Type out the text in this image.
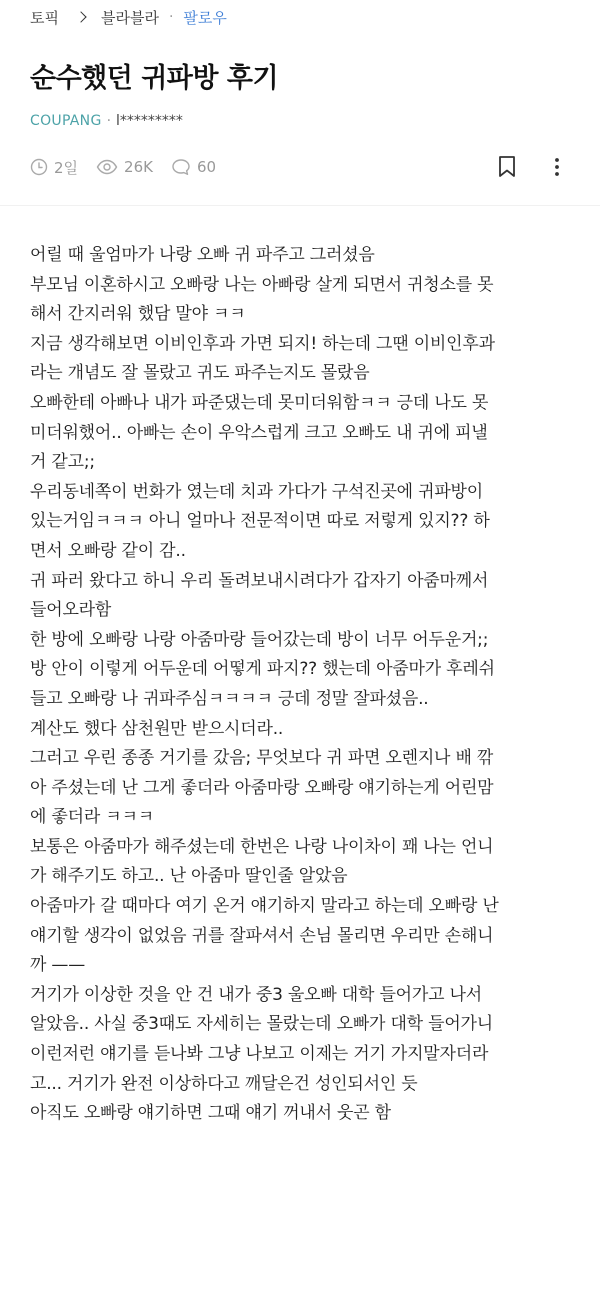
토픽	블라블라 · 팔로우
순수했던 귀파방 후기
COUPANG · l*********
2일	26K	60
어릴 때 울엄마가 나랑 오빠 귀 파주고 그러셨음
부모님 이혼하시고 오빠랑 나는 아빠랑 살게 되면서 귀청소를 못
해서 간지러워 했담 말야 ㅋㅋ
지금 생각해보면 이비인후과 가면 되지! 하는데 그땐 이비인후과
라는 개념도 잘 몰랐고 귀도 파주는지도 몰랐음
오빠한테 아빠나 내가 파준댔는데 못미더워함ㅋㅋ 긍데 나도 못
미더워했어.. 아빠는 손이 우악스럽게 크고 오빠도 내 귀에 피낼
거 같고;;
우리동네쪽이 번화가 였는데 치과 가다가 구석진곳에 귀파방이
있는거임ㅋㅋㅋ 아니 얼마나 전문적이면 따로 저렇게 있지?? 하
면서 오빠랑 같이 감..
귀 파러 왔다고 하니 우리 돌려보내시려다가 갑자기 아줌마께서
들어오라함
한 방에 오빠랑 나랑 아줌마랑 들어갔는데 방이 너무 어두운거;;
방 안이 이렇게 어두운데 어떻게 파지?? 했는데 아줌마가 후레쉬
들고 오빠랑 나 귀파주심ㅋㅋㅋㅋ 긍데 정말 잘파셨음..
계산도 했다 삼천원만 받으시더라..
그러고 우린 종종 거기를 갔음; 무엇보다 귀 파면 오렌지나 배 깎
아 주셨는데 난 그게 좋더라 아줌마랑 오빠랑 얘기하는게 어린맘
에 좋더라 ㅋㅋㅋ
보통은 아줌마가 해주셨는데 한번은 나랑 나이차이 꽤 나는 언니
가 해주기도 하고.. 난 아줌마 딸인줄 알았음
아줌마가 갈 때마다 여기 온거 얘기하지 말라고 하는데 오빠랑 난
얘기할 생각이 없었음 귀를 잘파셔서 손님 몰리면 우리만 손해니
까 ——
거기가 이상한 것을 안 건 내가 중3 울오빠 대학 들어가고 나서
알았음.. 사실 중3때도 자세히는 몰랐는데 오빠가 대학 들어가니
이런저런 얘기를 듣나봐 그냥 나보고 이제는 거기 가지말자더라
고... 거기가 완전 이상하다고 깨달은건 성인되서인 듯
아직도 오빠랑 얘기하면 그때 얘기 꺼내서 웃곤 함
